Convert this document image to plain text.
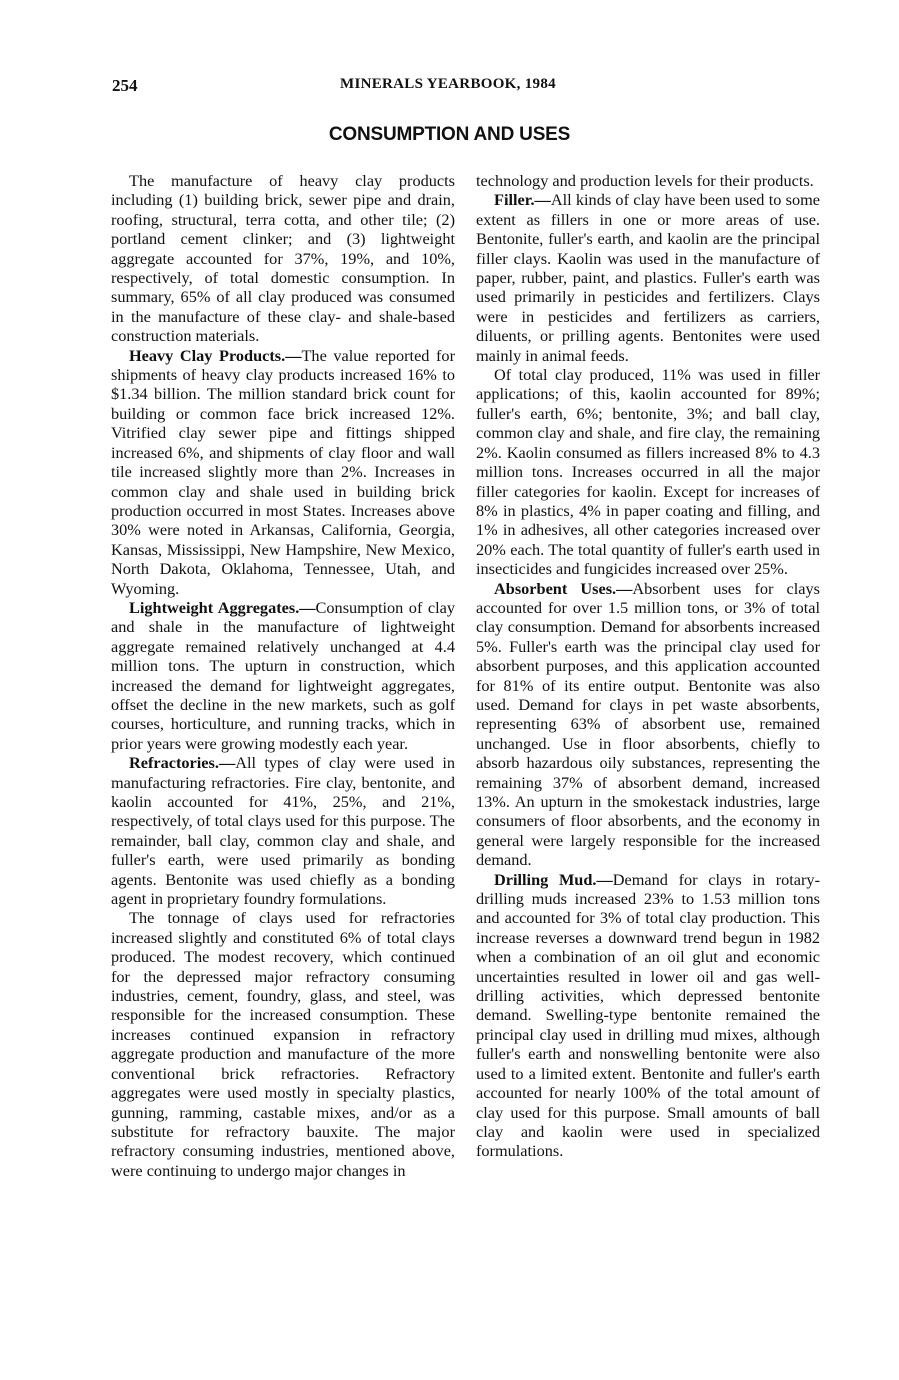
254	MINERALS YEARBOOK, 1984
CONSUMPTION AND USES

The manufacture of heavy clay products including (1) building brick, sewer pipe and drain, roofing, structural, terra cotta, and other tile; (2) portland cement clinker; and (3) lightweight aggregate accounted for 37%, 19%, and 10%, respectively, of total domestic consumption. In summary, 65% of all clay produced was consumed in the manufacture of these clay- and shale-based construction materials.

Heavy Clay Products.—The value reported for shipments of heavy clay products increased 16% to $1.34 billion. The million standard brick count for building or common face brick increased 12%. Vitrified clay sewer pipe and fittings shipped increased 6%, and shipments of clay floor and wall tile increased slightly more than 2%. Increases in common clay and shale used in building brick production occurred in most States. Increases above 30% were noted in Arkansas, California, Georgia, Kansas, Mississippi, New Hampshire, New Mexico, North Dakota, Oklahoma, Tennessee, Utah, and Wyoming.

Lightweight Aggregates.—Consumption of clay and shale in the manufacture of lightweight aggregate remained relatively unchanged at 4.4 million tons. The upturn in construction, which increased the demand for lightweight aggregates, offset the decline in the new markets, such as golf courses, horticulture, and running tracks, which in prior years were growing modestly each year.

Refractories.—All types of clay were used in manufacturing refractories. Fire clay, bentonite, and kaolin accounted for 41%, 25%, and 21%, respectively, of total clays used for this purpose. The remainder, ball clay, common clay and shale, and fuller's earth, were used primarily as bonding agents. Bentonite was used chiefly as a bonding agent in proprietary foundry formulations.

The tonnage of clays used for refractories increased slightly and constituted 6% of total clays produced. The modest recovery, which continued for the depressed major refractory consuming industries, cement, foundry, glass, and steel, was responsible for the increased consumption. These increases continued expansion in refractory aggregate production and manufacture of the more conventional brick refractories. Refractory aggregates were used mostly in specialty plastics, gunning, ramming, castable mixes, and/or as a substitute for refractory bauxite. The major refractory consuming industries, mentioned above, were continuing to undergo major changes in

technology and production levels for their products.

Filler.—All kinds of clay have been used to some extent as fillers in one or more areas of use. Bentonite, fuller's earth, and kaolin are the principal filler clays. Kaolin was used in the manufacture of paper, rubber, paint, and plastics. Fuller's earth was used primarily in pesticides and fertilizers. Clays were in pesticides and fertilizers as carriers, diluents, or prilling agents. Bentonites were used mainly in animal feeds.

Of total clay produced, 11% was used in filler applications; of this, kaolin accounted for 89%; fuller's earth, 6%; bentonite, 3%; and ball clay, common clay and shale, and fire clay, the remaining 2%. Kaolin consumed as fillers increased 8% to 4.3 million tons. Increases occurred in all the major filler categories for kaolin. Except for increases of 8% in plastics, 4% in paper coating and filling, and 1% in adhesives, all other categories increased over 20% each. The total quantity of fuller's earth used in insecticides and fungicides increased over 25%.

Absorbent Uses.—Absorbent uses for clays accounted for over 1.5 million tons, or 3% of total clay consumption. Demand for absorbents increased 5%. Fuller's earth was the principal clay used for absorbent purposes, and this application accounted for 81% of its entire output. Bentonite was also used. Demand for clays in pet waste absorbents, representing 63% of absorbent use, remained unchanged. Use in floor absorbents, chiefly to absorb hazardous oily substances, representing the remaining 37% of absorbent demand, increased 13%. An upturn in the smokestack industries, large consumers of floor absorbents, and the economy in general were largely responsible for the increased demand.

Drilling Mud.—Demand for clays in rotary-drilling muds increased 23% to 1.53 million tons and accounted for 3% of total clay production. This increase reverses a downward trend begun in 1982 when a combination of an oil glut and economic uncertainties resulted in lower oil and gas well-drilling activities, which depressed bentonite demand. Swelling-type bentonite remained the principal clay used in drilling mud mixes, although fuller's earth and nonswelling bentonite were also used to a limited extent. Bentonite and fuller's earth accounted for nearly 100% of the total amount of clay used for this purpose. Small amounts of ball clay and kaolin were used in specialized formulations.
